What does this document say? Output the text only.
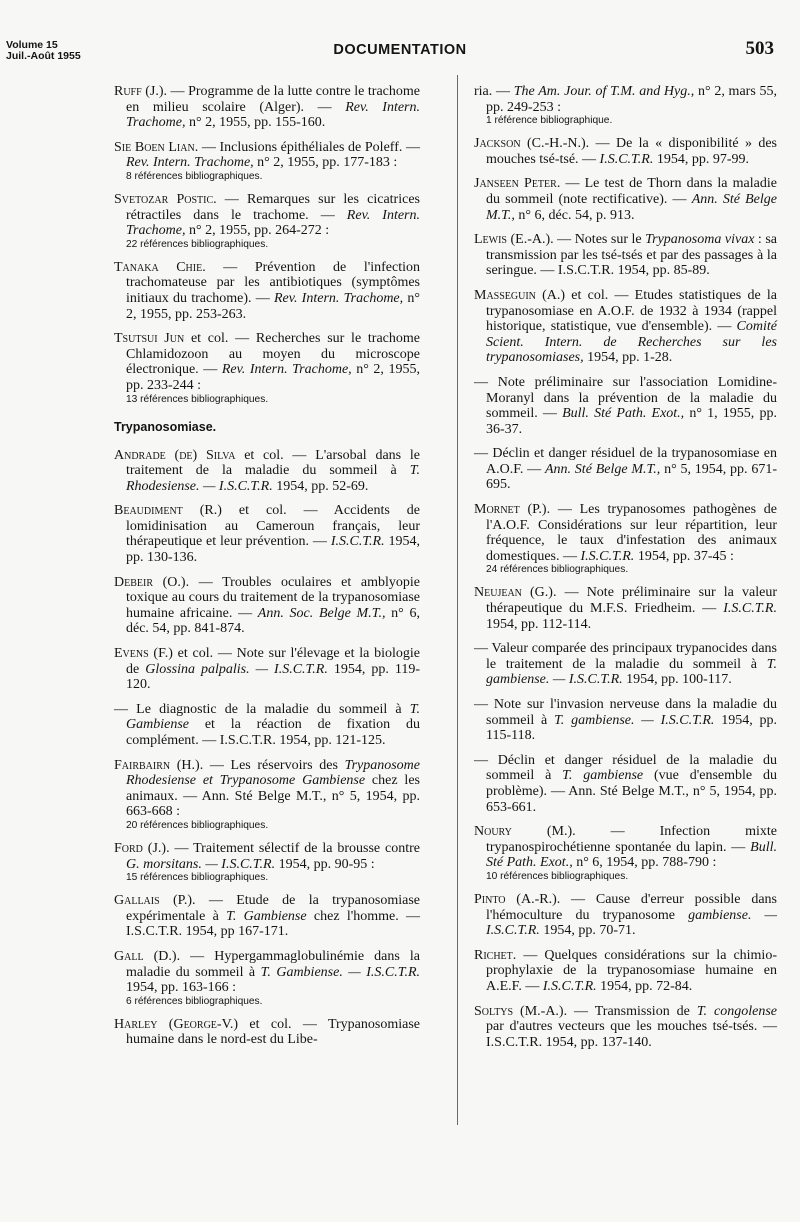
Volume 15
Juil.-Août 1955	DOCUMENTATION	503

Ruff (J.). — Programme de la lutte contre le trachome en milieu scolaire (Alger). — Rev. Intern. Trachome, n° 2, 1955, pp. 155-160.

Sie Boen Lian. — Inclusions épithéliales de Poleff. — Rev. Intern. Trachome, n° 2, 1955, pp. 177-183 :
8 références bibliographiques.

Svetozar Postic. — Remarques sur les cicatrices rétractiles dans le trachome. — Rev. Intern. Trachome, n° 2, 1955, pp. 264-272 :
22 références bibliographiques.

Tanaka Chie. — Prévention de l'infection trachomateuse par les antibiotiques (symptômes initiaux du trachome). — Rev. Intern. Trachome, n° 2, 1955, pp. 253-263.

Tsutsui Jun et col. — Recherches sur le trachome Chlamidozoon au moyen du microscope électronique. — Rev. Intern. Trachome, n° 2, 1955, pp. 233-244 :
13 références bibliographiques.

Trypanosomiase.

Andrade (de) Silva et col. — L'arsobal dans le traitement de la maladie du sommeil à T. Rhodesiense. — I.S.C.T.R. 1954, pp. 52-69.

Beaudiment (R.) et col. — Accidents de lomidinisation au Cameroun français, leur thérapeutique et leur prévention. — I.S.C.T.R. 1954, pp. 130-136.

Debeir (O.). — Troubles oculaires et amblyopie toxique au cours du traitement de la trypanosomiase humaine africaine. — Ann. Soc. Belge M.T., n° 6, déc. 54, pp. 841-874.

Evens (F.) et col. — Note sur l'élevage et la biologie de Glossina palpalis. — I.S.C.T.R. 1954, pp. 119-120.

— Le diagnostic de la maladie du sommeil à T. Gambiense et la réaction de fixation du complément. — I.S.C.T.R. 1954, pp. 121-125.

Fairbairn (H.). — Les réservoirs des Trypanosome Rhodesiense et Trypanosome Gambiense chez les animaux. — Ann. Sté Belge M.T., n° 5, 1954, pp. 663-668 :
20 références bibliographiques.

Ford (J.). — Traitement sélectif de la brousse contre G. morsitans. — I.S.C.T.R. 1954, pp. 90-95 :
15 références bibliographiques.

Gallais (P.). — Etude de la trypanosomiase expérimentale à T. Gambiense chez l'homme. — I.S.C.T.R. 1954, pp 167-171.

Gall (D.). — Hypergammaglobulinémie dans la maladie du sommeil à T. Gambiense. — I.S.C.T.R. 1954, pp. 163-166 :
6 références bibliographiques.

Harley (George-V.) et col. — Trypanosomiase humaine dans le nord-est du Libe-

ria. — The Am. Jour. of T.M. and Hyg., n° 2, mars 55, pp. 249-253 :
1 référence bibliographique.

Jackson (C.-H.-N.). — De la « disponibilité » des mouches tsé-tsé. — I.S.C.T.R. 1954, pp. 97-99.

Janseen Peter. — Le test de Thorn dans la maladie du sommeil (note rectificative). — Ann. Sté Belge M.T., n° 6, déc. 54, p. 913.

Lewis (E.-A.). — Notes sur le Trypanosoma vivax : sa transmission par les tsé-tsés et par des passages à la seringue. — I.S.C.T.R. 1954, pp. 85-89.

Masseguin (A.) et col. — Etudes statistiques de la trypanosomiase en A.O.F. de 1932 à 1934 (rappel historique, statistique, vue d'ensemble). — Comité Scient. Intern. de Recherches sur les trypanosomiases, 1954, pp. 1-28.

— Note préliminaire sur l'association Lomidine-Moranyl dans la prévention de la maladie du sommeil. — Bull. Sté Path. Exot., n° 1, 1955, pp. 36-37.

— Déclin et danger résiduel de la trypanosomiase en A.O.F. — Ann. Sté Belge M.T., n° 5, 1954, pp. 671-695.

Mornet (P.). — Les trypanosomes pathogènes de l'A.O.F. Considérations sur leur répartition, leur fréquence, le taux d'infestation des animaux domestiques. — I.S.C.T.R. 1954, pp. 37-45 :
24 références bibliographiques.

Neujean (G.). — Note préliminaire sur la valeur thérapeutique du M.F.S. Friedheim. — I.S.C.T.R. 1954, pp. 112-114.

— Valeur comparée des principaux trypanocides dans le traitement de la maladie du sommeil à T. gambiense. — I.S.C.T.R. 1954, pp. 100-117.

— Note sur l'invasion nerveuse dans la maladie du sommeil à T. gambiense. — I.S.C.T.R. 1954, pp. 115-118.

— Déclin et danger résiduel de la maladie du sommeil à T. gambiense (vue d'ensemble du problème). — Ann. Sté Belge M.T., n° 5, 1954, pp. 653-661.

Noury (M.). — Infection mixte trypanospirochétienne spontanée du lapin. — Bull. Sté Path. Exot., n° 6, 1954, pp. 788-790 :
10 références bibliographiques.

Pinto (A.-R.). — Cause d'erreur possible dans l'hémoculture du trypanosome gambiense. — I.S.C.T.R. 1954, pp. 70-71.

Richet. — Quelques considérations sur la chimio-prophylaxie de la trypanosomiase humaine en A.E.F. — I.S.C.T.R. 1954, pp. 72-84.

Soltys (M.-A.). — Transmission de T. congolense par d'autres vecteurs que les mouches tsé-tsés. — I.S.C.T.R. 1954, pp. 137-140.
